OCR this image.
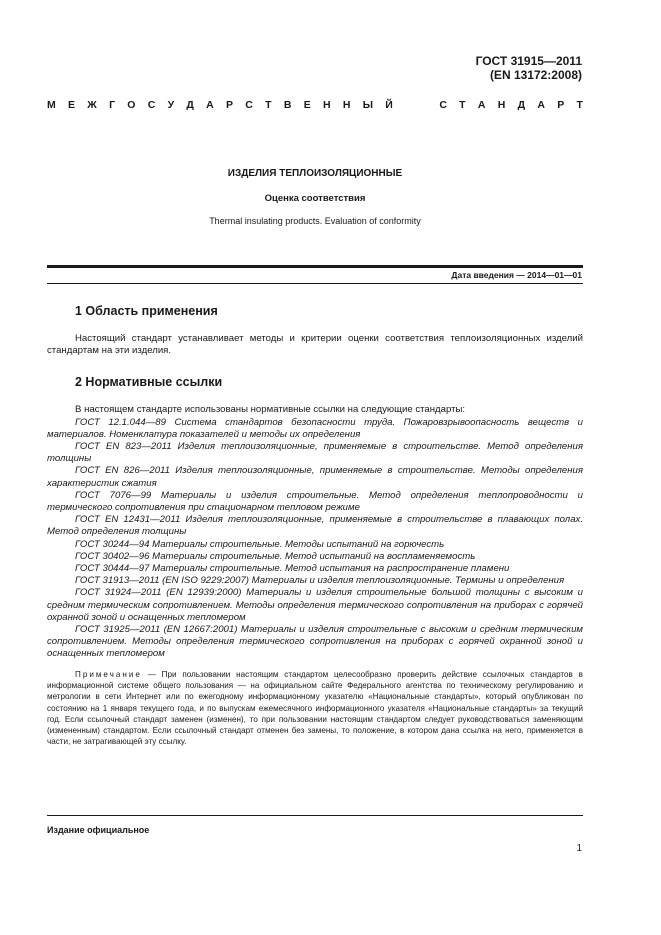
ГОСТ 31915—2011
(EN 13172:2008)
М Е Ж Г О С У Д А Р С Т В Е Н Н Ы Й	С Т А Н Д А Р Т
ИЗДЕЛИЯ ТЕПЛОИЗОЛЯЦИОННЫЕ
Оценка соответствия
Thermal insulating products. Evaluation of conformity
Дата введения — 2014—01—01
1 Область применения

Настоящий стандарт устанавливает методы и критерии оценки соответствия теплоизоляционных изделий стандартам на эти изделия.

2 Нормативные ссылки

В настоящем стандарте использованы нормативные ссылки на следующие стандарты:

ГОСТ 12.1.044—89 Система стандартов безопасности труда. Пожаровзрывоопасность веществ и материалов. Номенклатура показателей и методы их определения

ГОСТ EN 823—2011 Изделия теплоизоляционные, применяемые в строительстве. Метод определения толщины

ГОСТ EN 826—2011 Изделия теплоизоляционные, применяемые в строительстве. Методы определения характеристик сжатия

ГОСТ 7076—99 Материалы и изделия строительные. Метод определения теплопроводности и термического сопротивления при стационарном тепловом режиме

ГОСТ EN 12431—2011 Изделия теплоизоляционные, применяемые в строительстве в плавающих полах. Метод определения толщины

ГОСТ 30244—94 Материалы строительные. Методы испытаний на горючесть

ГОСТ 30402—96 Материалы строительные. Метод испытаний на воспламеняемость

ГОСТ 30444—97 Материалы строительные. Метод испытания на распространение пламени

ГОСТ 31913—2011 (EN ISO 9229:2007) Материалы и изделия теплоизоляционные. Термины и определения

ГОСТ 31924—2011 (EN 12939:2000) Материалы и изделия строительные большой толщины с высоким и средним термическим сопротивлением. Методы определения термического сопротивления на приборах с горячей охранной зоной и оснащенных тепломером

ГОСТ 31925—2011 (EN 12667:2001) Материалы и изделия строительные с высоким и средним термическим сопротивлением. Методы определения термического сопротивления на приборах с горячей охранной зоной и оснащенных тепломером

Примечание — При пользовании настоящим стандартом целесообразно проверить действие ссылочных стандартов в информационной системе общего пользования — на официальном сайте Федерального агентства по техническому регулированию и метрологии в сети Интернет или по ежегодному информационному указателю «Национальные стандарты», который опубликован по состоянию на 1 января текущего года, и по выпускам ежемесячного информационного указателя «Национальные стандарты» за текущий год. Если ссылочный стандарт заменен (изменен), то при пользовании настоящим стандартом следует руководствоваться заменяющим (измененным) стандартом. Если ссылочный стандарт отменен без замены, то положение, в котором дана ссылка на него, применяется в части, не затрагивающей эту ссылку.

Издание официальное
1
